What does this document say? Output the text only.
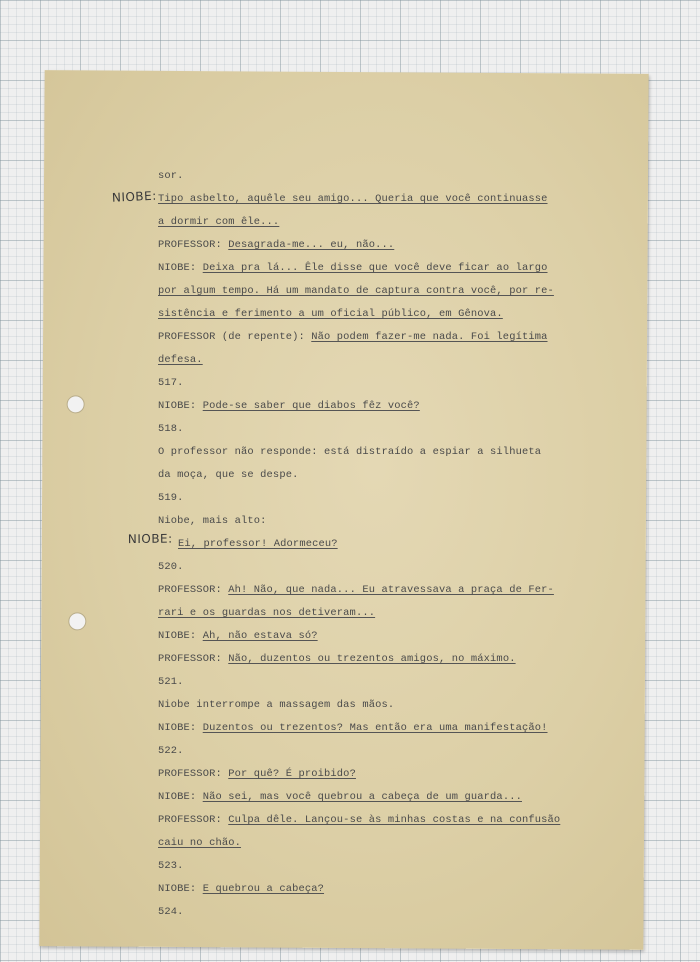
NIOBE:
NIOBE:
sor.
Tipo asbelto, aquêle seu amigo... Queria que você continuasse
a dormir com êle...
PROFESSOR: Desagrada-me... eu, não...
NIOBE: Deixa pra lá... Êle disse que você deve ficar ao largo
por algum tempo. Há um mandato de captura contra você, por re-
sistência e ferimento a um oficial público, em Gênova.
PROFESSOR (de repente): Não podem fazer-me nada. Foi legítima
defesa.
517.
NIOBE: Pode-se saber que diabos fêz você?
518.
O professor não responde: está distraído a espiar a silhueta
da moça, que se despe.
519.
Niobe, mais alto:
Ei, professor! Adormeceu?
520.
PROFESSOR: Ah! Não, que nada... Eu atravessava a praça de Fer-
rari e os guardas nos detiveram...
NIOBE: Ah, não estava só?
PROFESSOR: Não, duzentos ou trezentos amigos, no máximo.
521.
Niobe interrompe a massagem das mãos.
NIOBE: Duzentos ou trezentos? Mas então era uma manifestação!
522.
PROFESSOR: Por quê? É proibido?
NIOBE: Não sei, mas você quebrou a cabeça de um guarda...
PROFESSOR: Culpa dêle. Lançou-se às minhas costas e na confusão
caiu no chão.
523.
NIOBE: E quebrou a cabeça?
524.
